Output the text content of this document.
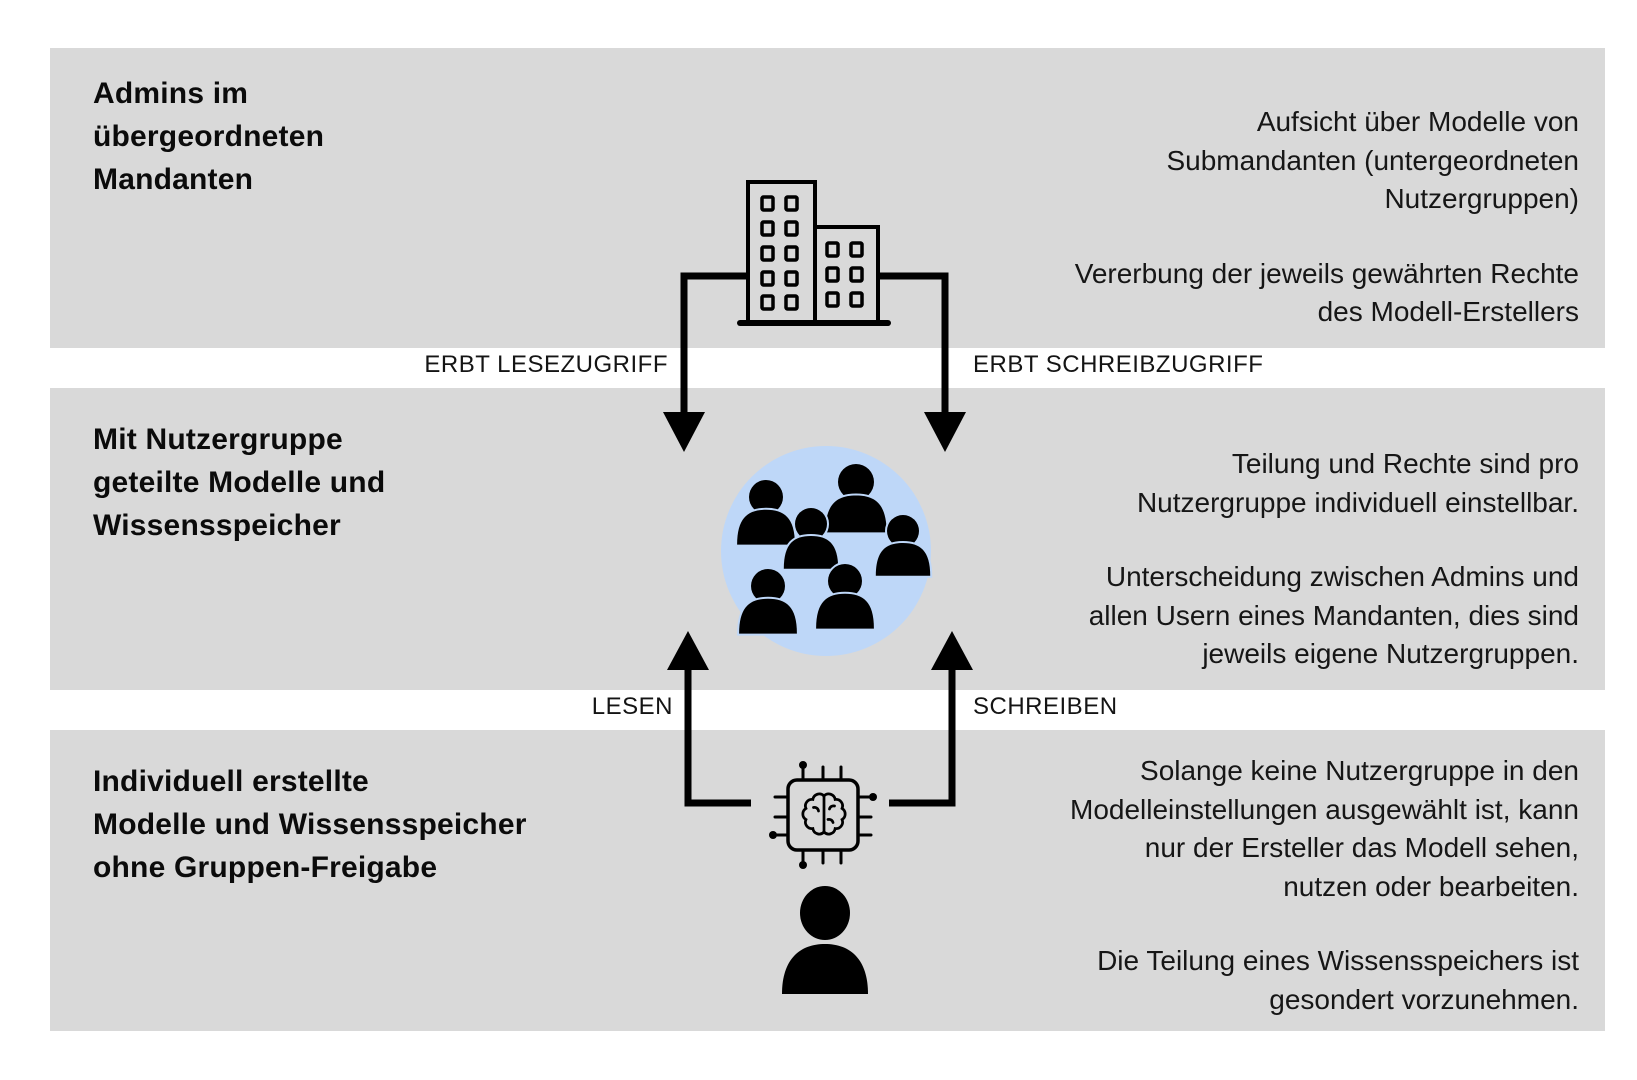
Admins im
übergeordneten
Mandanten
Aufsicht über Modelle von
Submandanten (untergeordneten
Nutzergruppen)
Vererbung der jeweils gewährten Rechte
des Modell-Erstellers
Mit Nutzergruppe
geteilte Modelle und
Wissensspeicher
Teilung und Rechte sind pro
Nutzergruppe individuell einstellbar.
Unterscheidung zwischen Admins und
allen Usern eines Mandanten, dies sind
jeweils eigene Nutzergruppen.
Individuell erstellte
Modelle und Wissensspeicher
ohne Gruppen-Freigabe
Solange keine Nutzergruppe in den
Modelleinstellungen ausgewählt ist, kann
nur der Ersteller das Modell sehen,
nutzen oder bearbeiten.
Die Teilung eines Wissensspeichers ist
gesondert vorzunehmen.
ERBT LESEZUGRIFF	ERBT SCHREIBZUGRIFF
LESEN	SCHREIBEN
